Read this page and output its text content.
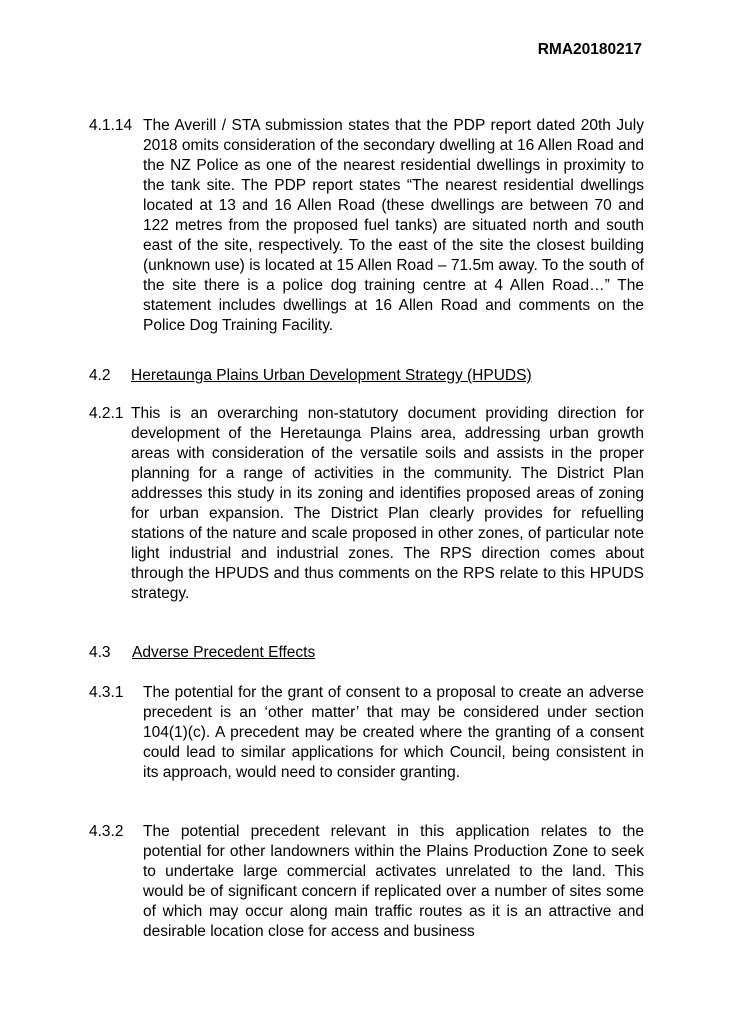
RMA20180217
4.1.14 The Averill / STA submission states that the PDP report dated 20th July 2018 omits consideration of the secondary dwelling at 16 Allen Road and the NZ Police as one of the nearest residential dwellings in proximity to the tank site. The PDP report states “The nearest residential dwellings located at 13 and 16 Allen Road (these dwellings are between 70 and 122 metres from the proposed fuel tanks) are situated north and south east of the site, respectively. To the east of the site the closest building (unknown use) is located at 15 Allen Road – 71.5m away. To the south of the site there is a police dog training centre at 4 Allen Road…” The statement includes dwellings at 16 Allen Road and comments on the Police Dog Training Facility.
4.2 Heretaunga Plains Urban Development Strategy (HPUDS)
4.2.1 This is an overarching non-statutory document providing direction for development of the Heretaunga Plains area, addressing urban growth areas with consideration of the versatile soils and assists in the proper planning for a range of activities in the community. The District Plan addresses this study in its zoning and identifies proposed areas of zoning for urban expansion. The District Plan clearly provides for refuelling stations of the nature and scale proposed in other zones, of particular note light industrial and industrial zones. The RPS direction comes about through the HPUDS and thus comments on the RPS relate to this HPUDS strategy.
4.3 Adverse Precedent Effects
4.3.1	The potential for the grant of consent to a proposal to create an adverse precedent is an ‘other matter’ that may be considered under section 104(1)(c). A precedent may be created where the granting of a consent could lead to similar applications for which Council, being consistent in its approach, would need to consider granting.
4.3.2	The potential precedent relevant in this application relates to the potential for other landowners within the Plains Production Zone to seek to undertake large commercial activates unrelated to the land. This would be of significant concern if replicated over a number of sites some of which may occur along main traffic routes as it is an attractive and desirable location close for access and business
